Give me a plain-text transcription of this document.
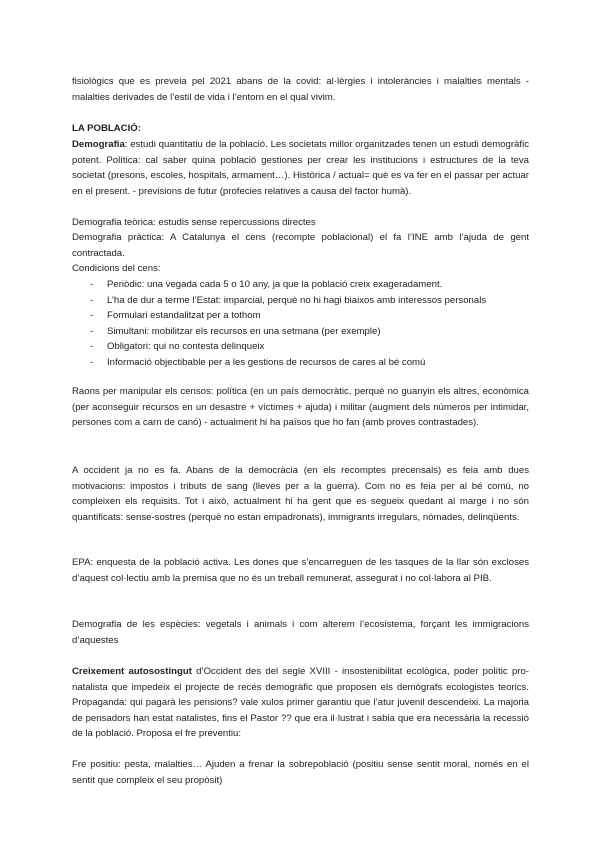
fisiològics que es preveia pel 2021 abans de la covid: al·lèrgies i intoleràncies i malalties mentals - malalties derivades de l’estil de vida i l’entorn en el qual vivim.

LA POBLACIÓ:

Demografia: estudi quantitatiu de la població. Les societats millor organitzades tenen un estudi demogràfic potent. Política: cal saber quina població gestiones per crear les institucions i estructures de la teva societat (presons, escoles, hospitals, armament…). Històrica / actual= què es va fer en el passar per actuar en el present. - previsions de futur (profecies relatives a causa del factor humà).

Demografia teòrica: estudis sense repercussions directes

Demografia pràctica: A Catalunya el cens (recompte poblacional) el fa l’INE amb l’ajuda de gent contractada.

Condicions del cens:

- Periòdic: una vegada cada 5 o 10 any, ja que la població creix exageradament.
- L’ha de dur a terme l’Estat: imparcial, perquè no hi hagi biaixos amb interessos personals
- Formulari estandalitzat per a tothom
- Simultani: mobilitzar els recursos en una setmana (per exemple)
- Obligatori: qui no contesta delinqueix
- Informació objectibable per a les gestions de recursos de cares al bé comú

Raons per manipular els censos: política (en un país democràtic, perquè no guanyin els altres, econòmica (per aconseguir recursos en un desastre + víctimes + ajuda) i militar (augment dels números per intimidar, persones com a carn de canó) - actualment hi ha països que ho fan (amb proves contrastades).

A occident ja no es fa. Abans de la democràcia (en els recomptes precensals) es feia amb dues motivacions: impostos i tributs de sang (lleves per a la guerra). Com no es feia per al bé comú, no compleixen els requisits. Tot i això, actualment hi ha gent que es segueix quedant al marge i no són quantificats: sense-sostres (perquè no estan empadronats), immigrants irregulars, nòmades, delinqüents.

EPA: enquesta de la població activa. Les dones que s’encarreguen de les tasques de la llar són excloses d’aquest col·lectiu amb la premisa que no és un treball remunerat, assegurat i no col·labora al PIB.

Demografia de les espècies: vegetals i animals i com alterem l’ecosistema, forçant les immigracions d’aquestes

Creixement autosostingut d’Occident des del segle XVIII - insostenibilitat ecològica, poder polític pro-natalista que impedeix el projecte de recés demogràfic que proposen els demògrafs ecologistes teorics. Propaganda: qui pagarà les pensions? vale xulos primer garantiu que l’atur juvenil descendeixi. La majoria de pensadors han estat natalistes, fins el Pastor ?? que era il·lustrat i sabia que era necessària la recessió de la població. Proposa el fre preventiu:

Fre positiu: pesta, malalties… Ajuden a frenar la sobrepoblació (positiu sense sentit moral, només en el sentit que compleix el seu propòsit)
